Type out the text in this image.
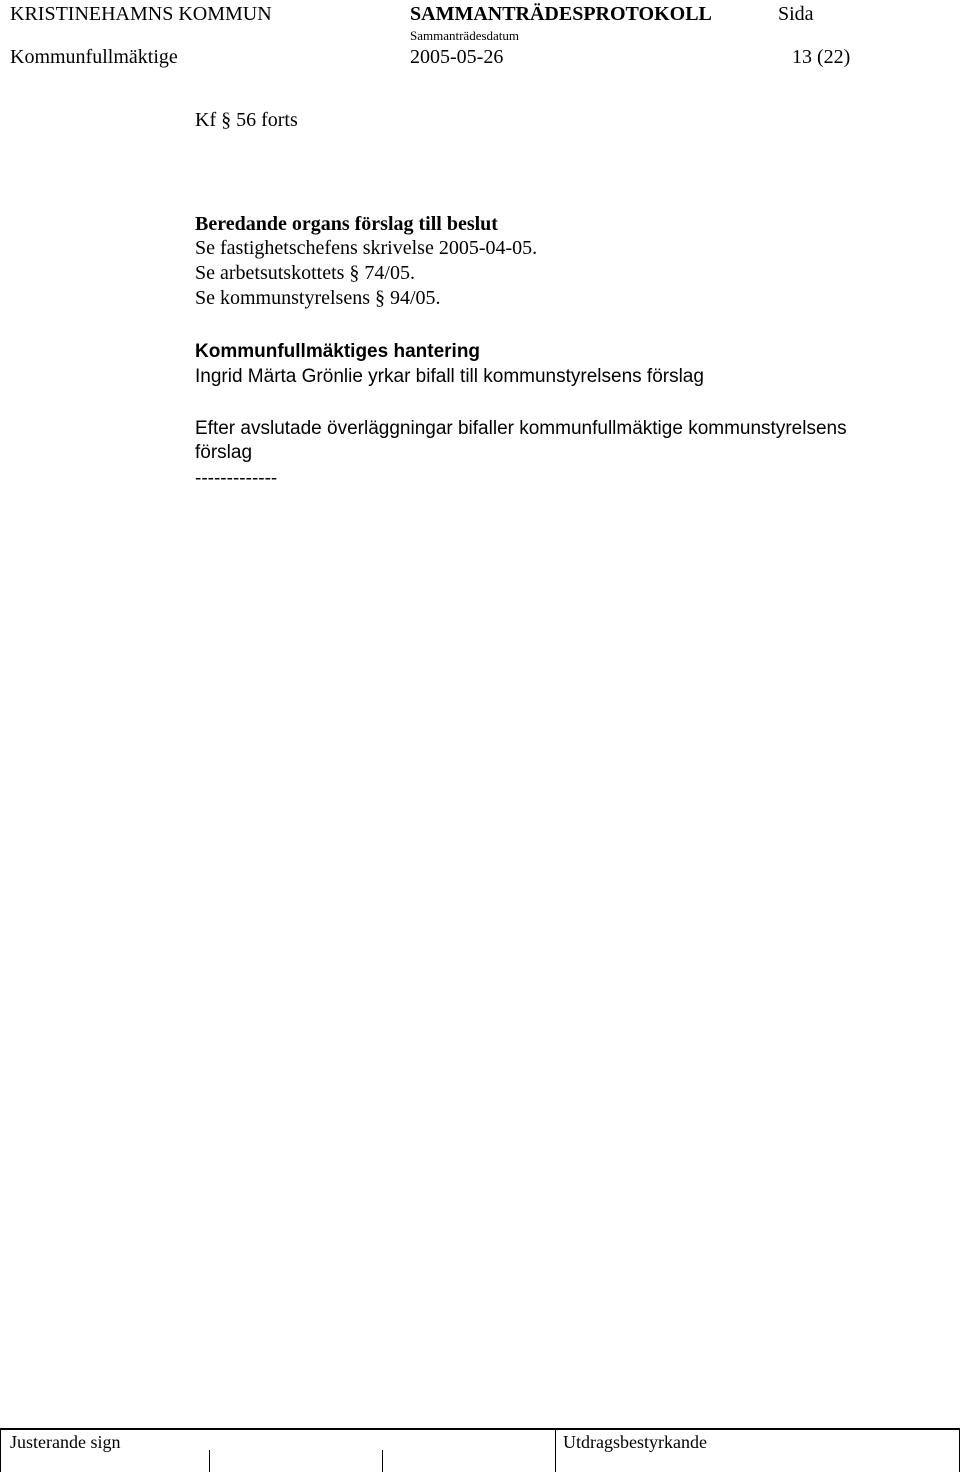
KRISTINEHAMNS KOMMUN	SAMMANTRÄDESPROTOKOLL	Sida
Sammanträdesdatum
Kommunfullmäktige	2005-05-26	13 (22)
Kf § 56 forts
Beredande organs förslag till beslut
Se fastighetschefens skrivelse 2005-04-05.
Se arbetsutskottets § 74/05.
Se kommunstyrelsens § 94/05.
Kommunfullmäktiges hantering
Ingrid Märta Grönlie yrkar bifall till kommunstyrelsens förslag
Efter avslutade överläggningar bifaller kommunfullmäktige kommunstyrelsens
förslag
-------------
Justerande sign	Utdragsbestyrkande
